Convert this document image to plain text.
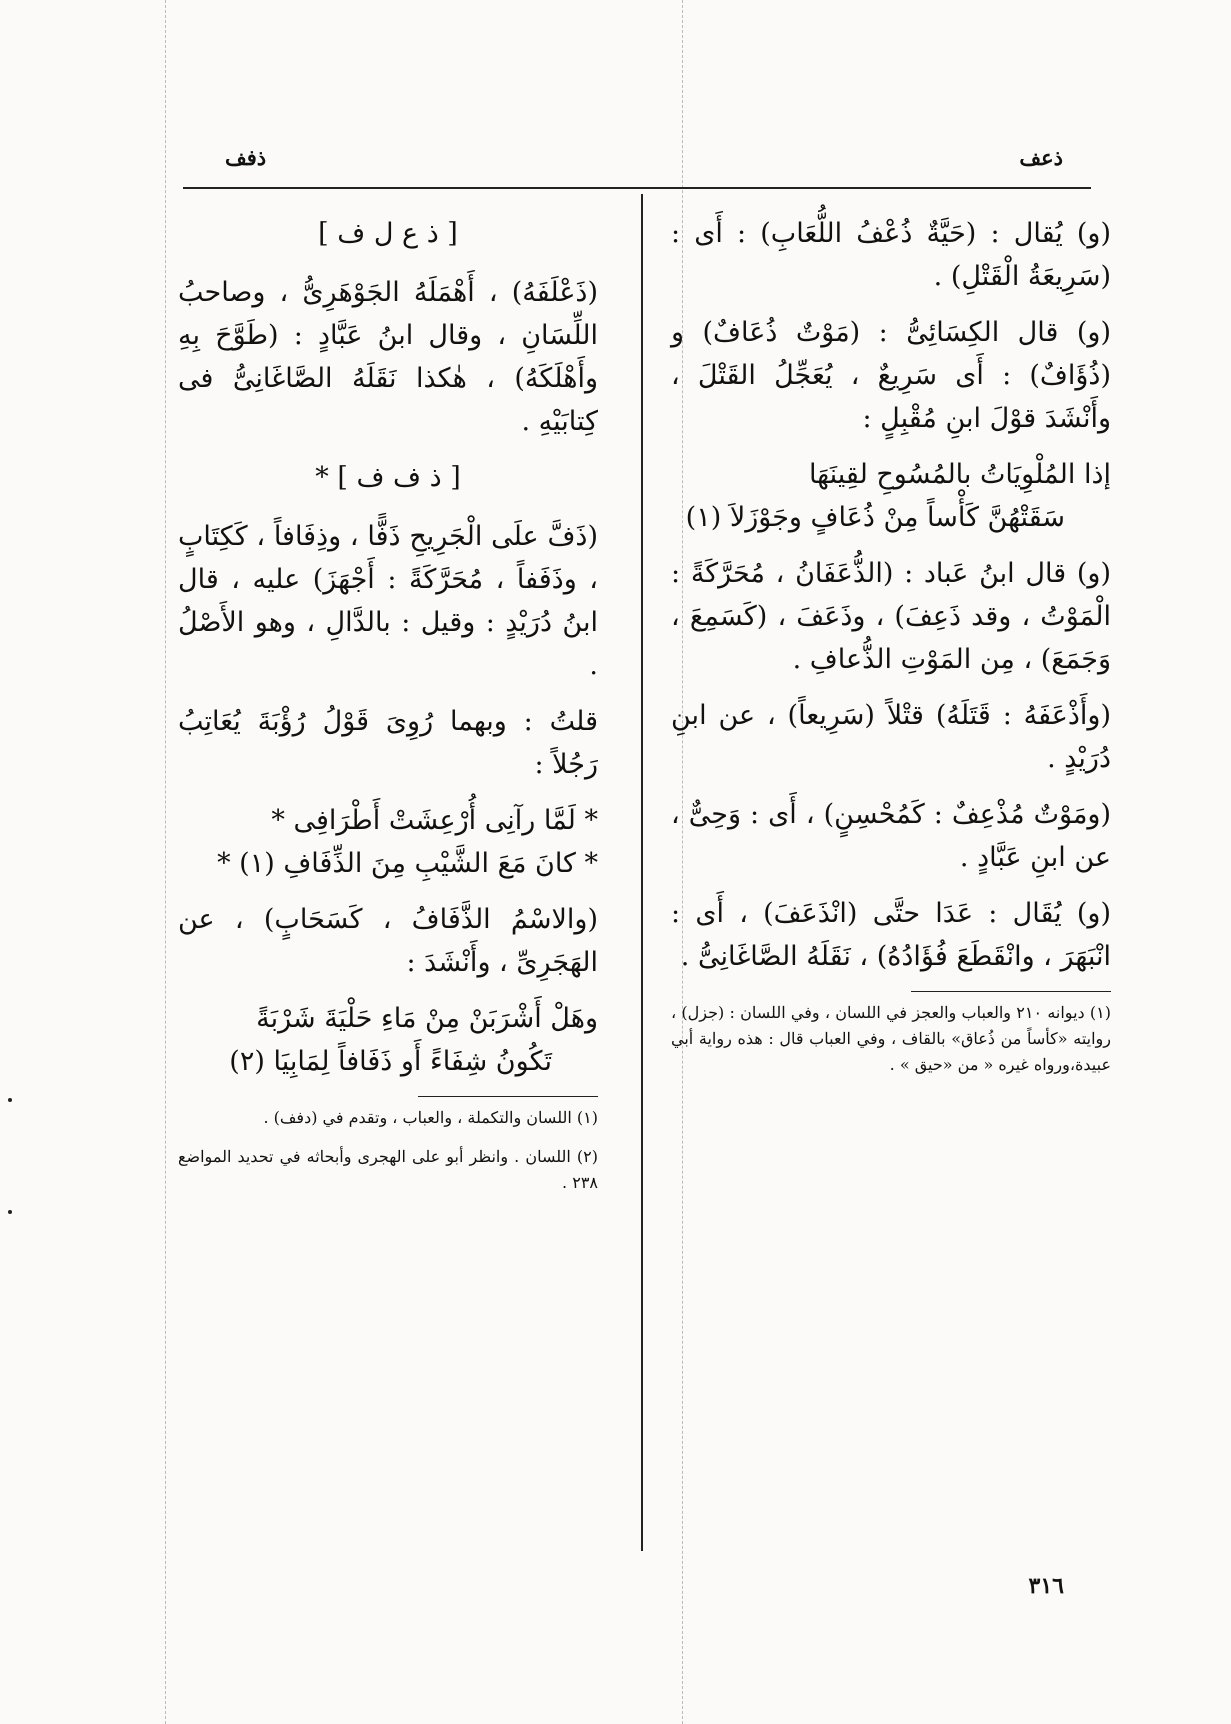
ذعف
ذفف

(و) يُقال : (حَيَّةٌ ذُعْفُ اللُّعَابِ) : أَى : (سَرِيعَةُ الْقَتْلِ) .

(و) قال الكِسَائِىُّ : (مَوْتٌ ذُعَافٌ) و (ذُؤَافٌ) : أَى سَرِيعٌ ، يُعَجِّلُ القَتْلَ ، وأَنْشَدَ قوْلَ ابنِ مُقْبِلٍ :

إذا المُلْوِيَاتُ بالمُسُوحِ لقِينَهَا

سَقَتْهُنَّ كَأْساً مِنْ ذُعَافٍ وجَوْزَلاَ (١)

(و) قال ابنُ عَباد : (الذُّعَفَانُ ، مُحَرَّكَةً : الْمَوْتُ ، وقد ذَعِفَ) ، وذَعَفَ ، (كَسَمِعَ ، وَجَمَعَ) ، مِن المَوْتِ الذُّعافِ .

(وأَذْعَفَهُ : قَتَلَهُ) قتْلاً (سَرِيعاً) ، عن ابنِ دُرَيْدٍ .

(ومَوْتٌ مُذْعِفٌ : كَمُحْسِنٍ) ، أَى : وَحِىٌّ ، عن ابنِ عَبَّادٍ .

(و) يُقَال : عَدَا حتَّى (انْذَعَفَ) ، أَى : انْبَهَرَ ، وانْقَطَعَ فُؤَادُهُ) ، نَقَلَهُ الصَّاغَانِىُّ .

(١) ديوانه ٢١٠ والعباب والعجز في اللسان ، وفي اللسان : (جزل) ، روايته «كأساً من ذُعاق» بالقاف ، وفي العباب قال : هذه رواية أبي عبيدة،ورواه غيره « من «حيق » .

[ ذ ع ل ف ]

(ذَعْلَفَهُ) ، أَهْمَلَهُ الجَوْهَرِىُّ ، وصاحبُ اللِّسَانِ ، وقال ابنُ عَبَّادٍ : (طَوَّحَ بِهِ وأَهْلَكَهُ) ، هٰكذا نَقَلَهُ الصَّاغَانِىُّ فى كِتابَيْهِ .

[ ذ ف ف ] *

(ذَفَّ علَى الْجَرِيحِ ذَفًّا ، وذِفَافاً ، كَكِتَابٍ ، وذَفَفاً ، مُحَرَّكَةً : أَجْهَزَ) عليه ، قال ابنُ دُرَيْدٍ : وقيل : بالدَّالِ ، وهو الأَصْلُ .

قلتُ : وبهما رُوِىَ قَوْلُ رُؤْبَةَ يُعَاتِبُ رَجُلاً :

* لَمَّا رآنِى أُرْعِشَتْ أَطْرَافِى *

* كانَ مَعَ الشَّيْبِ مِنَ الذِّفَافِ (١) *

(والاسْمُ الذَّفَافُ ، كَسَحَابٍ) ، عن الهَجَرِىِّ ، وأَنْشَدَ :

وهَلْ أَشْرَبَنْ مِنْ مَاءِ حَلْيَةَ شَرْبَةً

تَكُونُ شِفَاءً أَو ذَفَافاً لِمَابِيَا (٢)

(١) اللسان والتكملة ، والعباب ، وتقدم في (دفف) .

(٢) اللسان . وانظر أبو على الهجرى وأبحاثه في تحديد المواضع ٢٣٨ .

٣١٦
